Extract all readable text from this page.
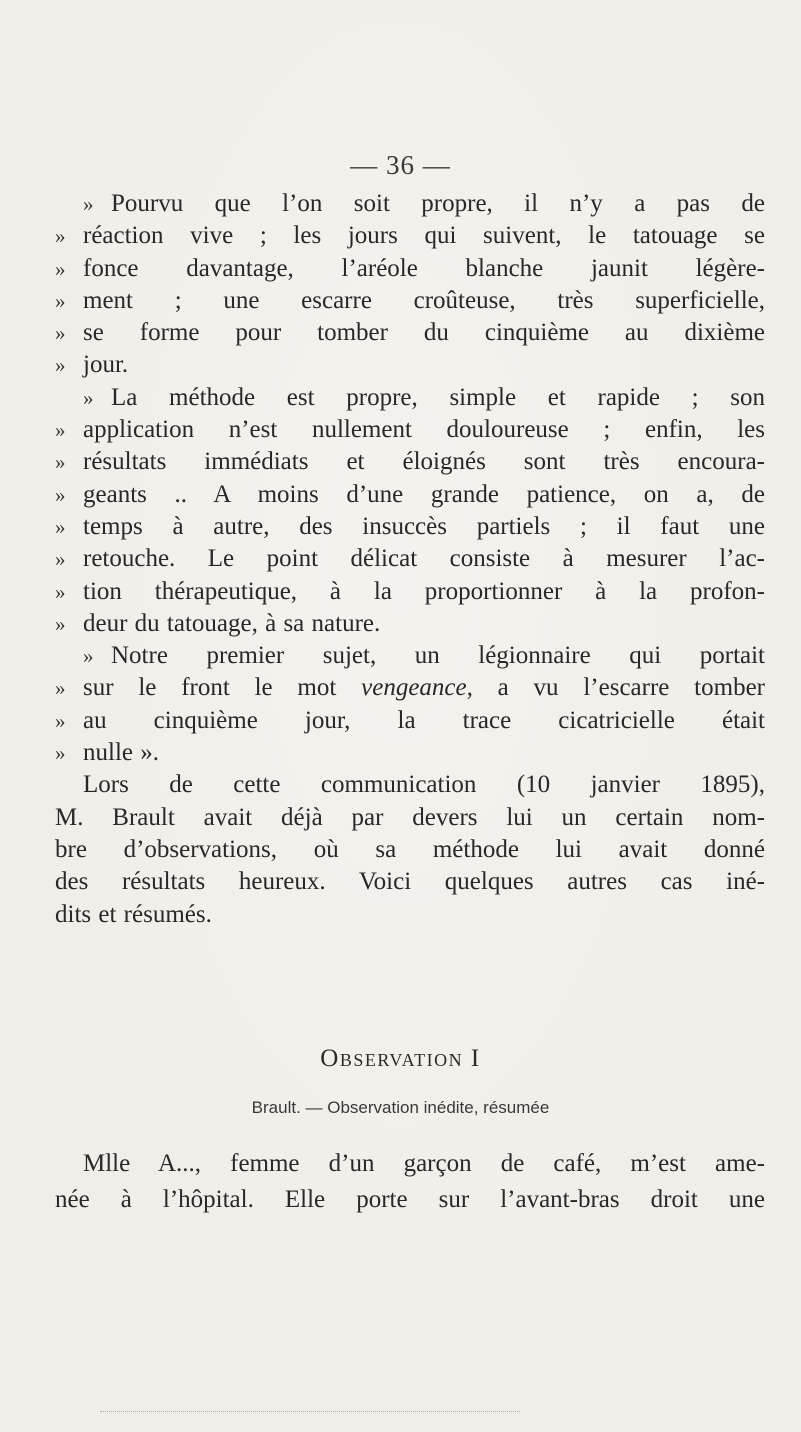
— 36 —
» Pourvu que l’on soit propre, il n’y a pas de
» réaction vive ; les jours qui suivent, le tatouage se
» fonce davantage, l’aréole blanche jaunit légère-
» ment ; une escarre croûteuse, très superficielle,
» se forme pour tomber du cinquième au dixième
» jour.
» La méthode est propre, simple et rapide ; son
» application n’est nullement douloureuse ; enfin, les
» résultats immédiats et éloignés sont très encoura-
» geants .. A moins d’une grande patience, on a, de
» temps à autre, des insuccès partiels ; il faut une
» retouche. Le point délicat consiste à mesurer l’ac-
» tion thérapeutique, à la proportionner à la profon-
» deur du tatouage, à sa nature.
» Notre premier sujet, un légionnaire qui portait
» sur le front le mot vengeance, a vu l’escarre tomber
» au cinquième jour, la trace cicatricielle était
» nulle ».
Lors de cette communication (10 janvier 1895),
M. Brault avait déjà par devers lui un certain nom-
bre d’observations, où sa méthode lui avait donné
des résultats heureux. Voici quelques autres cas iné-
dits et résumés.
Observation I
Brault. — Observation inédite, résumée
Mlle A..., femme d’un garçon de café, m’est ame-
née à l’hôpital. Elle porte sur l’avant-bras droit une
